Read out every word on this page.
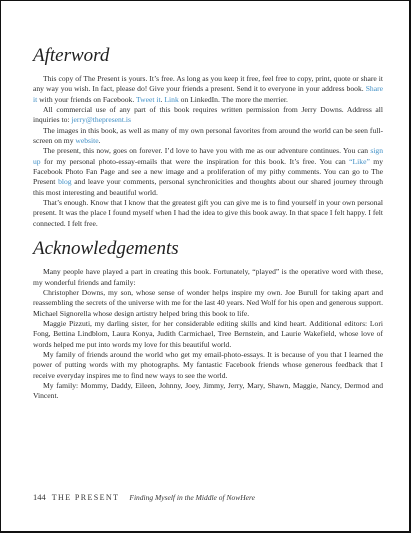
Afterword

This copy of The Present is yours. It’s free. As long as you keep it free, feel free to copy, print, quote or share it any way you wish. In fact, please do! Give your friends a present. Send it to everyone in your address book. Share it with your friends on Facebook. Tweet it. Link on LinkedIn. The more the merrier.

All commercial use of any part of this book requires written permission from Jerry Downs. Address all inquiries to: jerry@thepresent.is

The images in this book, as well as many of my own personal favorites from around the world can be seen full-screen on my website.

The present, this now, goes on forever. I’d love to have you with me as our adventure continues. You can sign up for my personal photo-essay-emails that were the inspiration for this book. It’s free. You can “Like” my Facebook Photo Fan Page and see a new image and a proliferation of my pithy comments. You can go to The Present blog and leave your comments, personal synchronicities and thoughts about our shared journey through this most interesting and beautiful world.

That’s enough. Know that I know that the greatest gift you can give me is to find yourself in your own personal present. It was the place I found myself when I had the idea to give this book away. In that space I felt happy. I felt connected. I felt free.

Acknowledgements

Many people have played a part in creating this book. Fortunately, “played” is the operative word with these, my wonderful friends and family:

Christopher Downs, my son, whose sense of wonder helps inspire my own. Joe Burull for taking apart and reassembling the secrets of the universe with me for the last 40 years. Ned Wolf for his open and generous support. Michael Signorella whose design artistry helped bring this book to life.

Maggie Pizzuti, my darling sister, for her considerable editing skills and kind heart. Additional editors: Lori Fong, Bettina Lindblom, Laura Konya, Judith Carmichael, Tree Bernstein, and Laurie Wakefield, whose love of words helped me put into words my love for this beautiful world.

My family of friends around the world who get my email-photo-essays. It is because of you that I learned the power of putting words with my photographs. My fantastic Facebook friends whose generous feedback that I receive everyday inspires me to find new ways to see the world.

My family: Mommy, Daddy, Eileen, Johnny, Joey, Jimmy, Jerry, Mary, Shawn, Maggie, Nancy, Dermod and Vincent.

144 THE PRESENT Finding Myself in the Middle of NowHere
